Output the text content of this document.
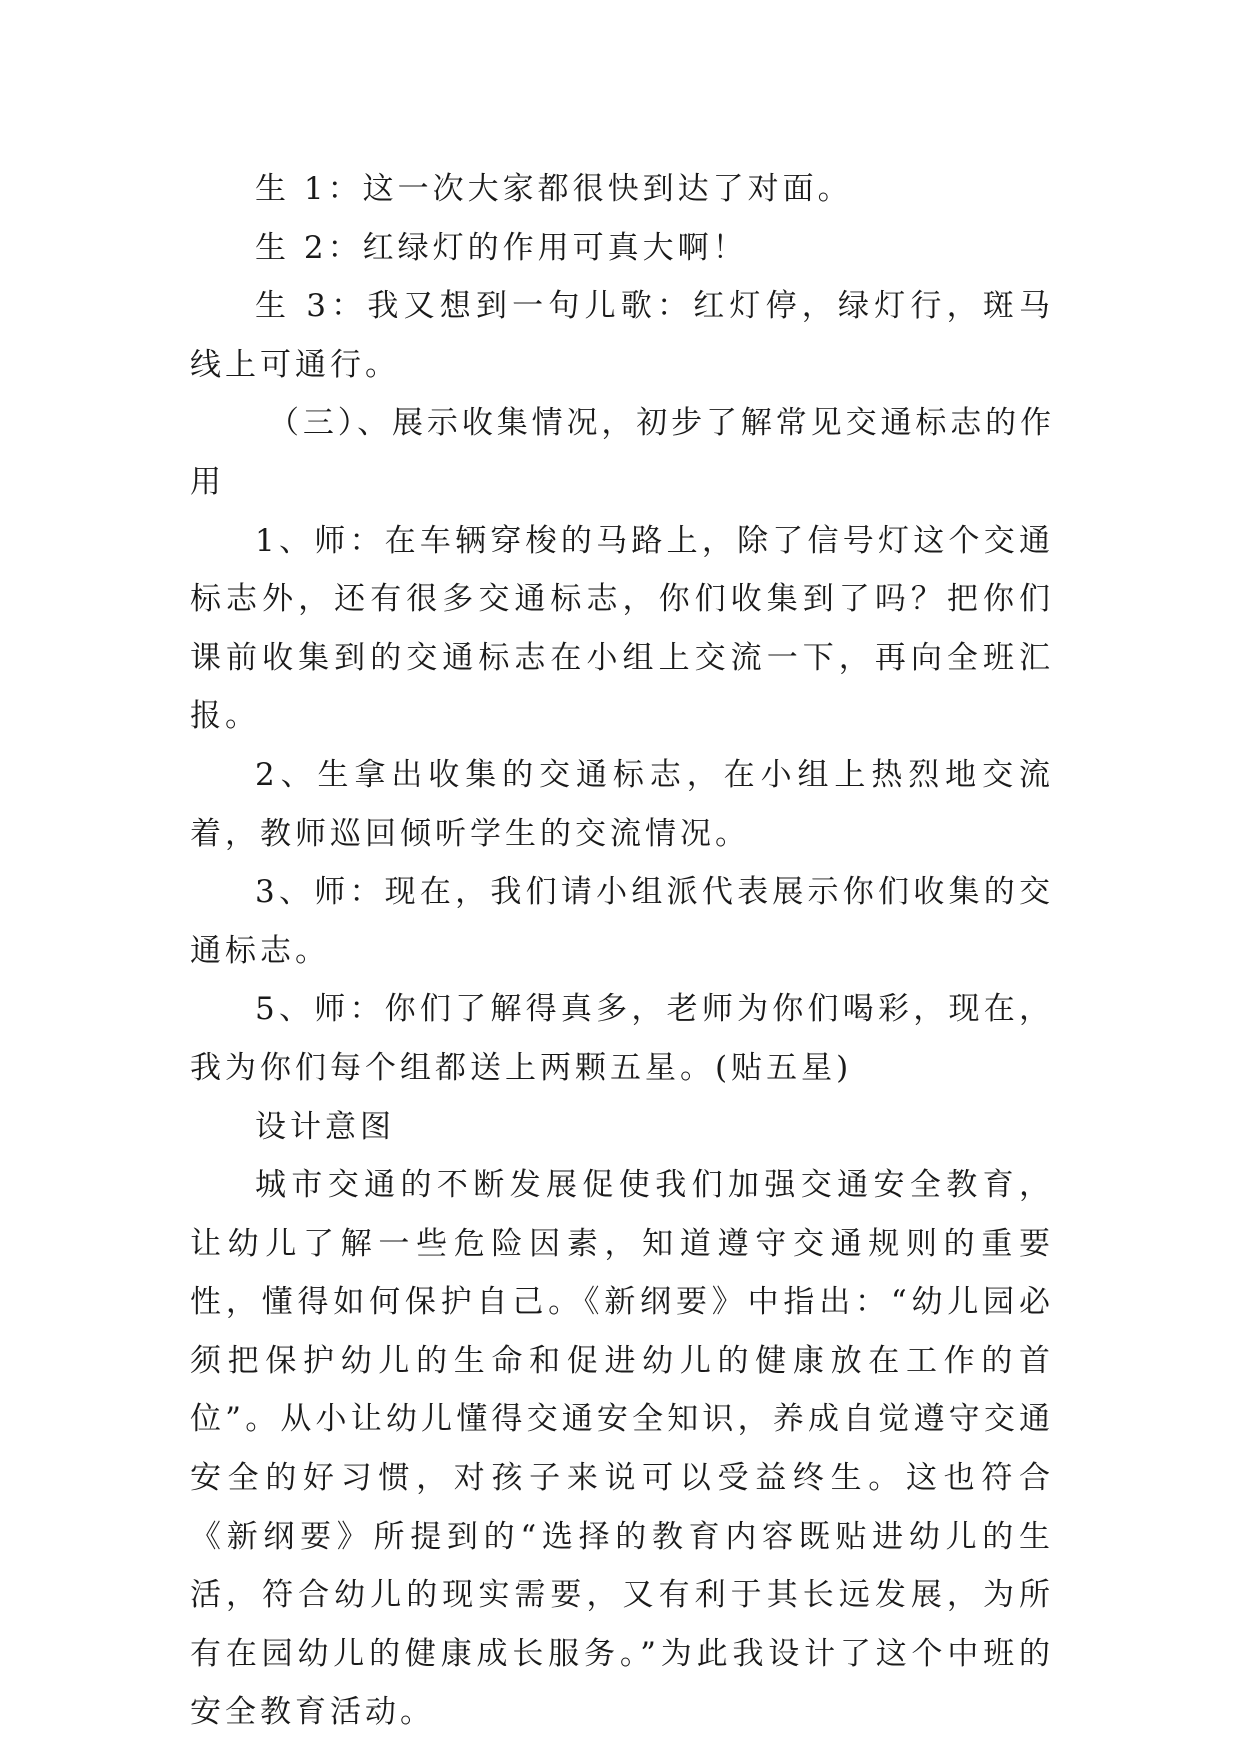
生 1：这一次大家都很快到达了对面。

生 2：红绿灯的作用可真大啊！

生 3：我又想到一句儿歌：红灯停，绿灯行，斑马线上可通行。

（三）、展示收集情况，初步了解常见交通标志的作用

1、师：在车辆穿梭的马路上，除了信号灯这个交通标志外，还有很多交通标志，你们收集到了吗？把你们课前收集到的交通标志在小组上交流一下，再向全班汇报。

2、生拿出收集的交通标志，在小组上热烈地交流着，教师巡回倾听学生的交流情况。

3、师：现在，我们请小组派代表展示你们收集的交通标志。

5、师：你们了解得真多，老师为你们喝彩，现在，我为你们每个组都送上两颗五星。(贴五星)

设计意图

城市交通的不断发展促使我们加强交通安全教育，让幼儿了解一些危险因素，知道遵守交通规则的重要性，懂得如何保护自己。《新纲要》中指出：“幼儿园必须把保护幼儿的生命和促进幼儿的健康放在工作的首位”。从小让幼儿懂得交通安全知识，养成自觉遵守交通安全的好习惯，对孩子来说可以受益终生。这也符合《新纲要》所提到的“选择的教育内容既贴进幼儿的生活，符合幼儿的现实需要，又有利于其长远发展，为所有在园幼儿的健康成长服务。”为此我设计了这个中班的安全教育活动。
